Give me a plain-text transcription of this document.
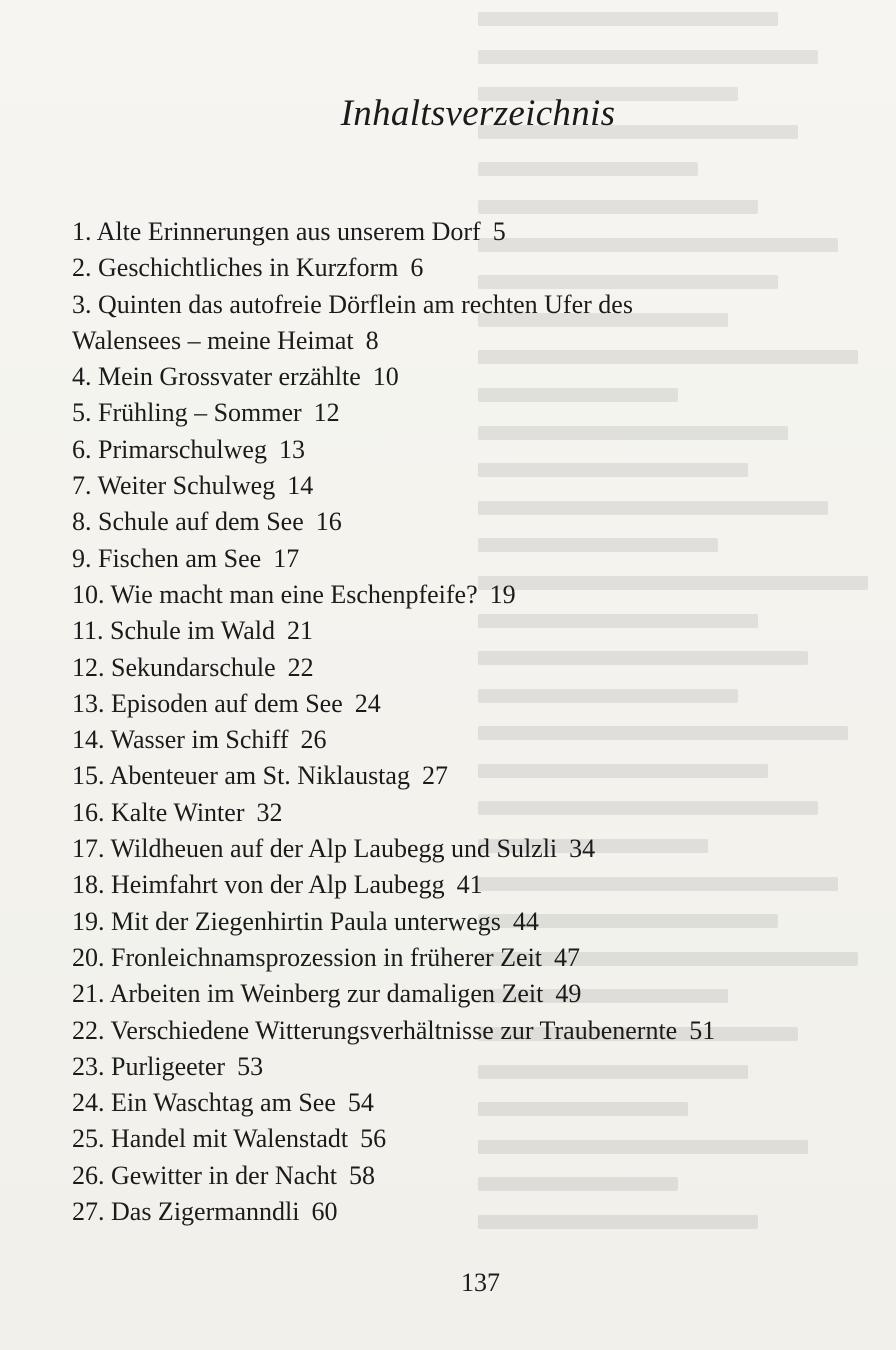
Inhaltsverzeichnis
1. Alte Erinnerungen aus unserem Dorf 5
2. Geschichtliches in Kurzform 6
3. Quinten das autofreie Dörflein am rechten Ufer des Walensees – meine Heimat 8
4. Mein Grossvater erzählte 10
5. Frühling – Sommer 12
6. Primarschulweg 13
7. Weiter Schulweg 14
8. Schule auf dem See 16
9. Fischen am See 17
10. Wie macht man eine Eschenpfeife? 19
11. Schule im Wald 21
12. Sekundarschule 22
13. Episoden auf dem See 24
14. Wasser im Schiff 26
15. Abenteuer am St. Niklaustag 27
16. Kalte Winter 32
17. Wildheuen auf der Alp Laubegg und Sulzli 34
18. Heimfahrt von der Alp Laubegg 41
19. Mit der Ziegenhirtin Paula unterwegs 44
20. Fronleichnamsprozession in früherer Zeit 47
21. Arbeiten im Weinberg zur damaligen Zeit 49
22. Verschiedene Witterungsverhältnisse zur Traubenernte 51
23. Purligeeter 53
24. Ein Waschtag am See 54
25. Handel mit Walenstadt 56
26. Gewitter in der Nacht 58
27. Das Zigermanndli 60
137
